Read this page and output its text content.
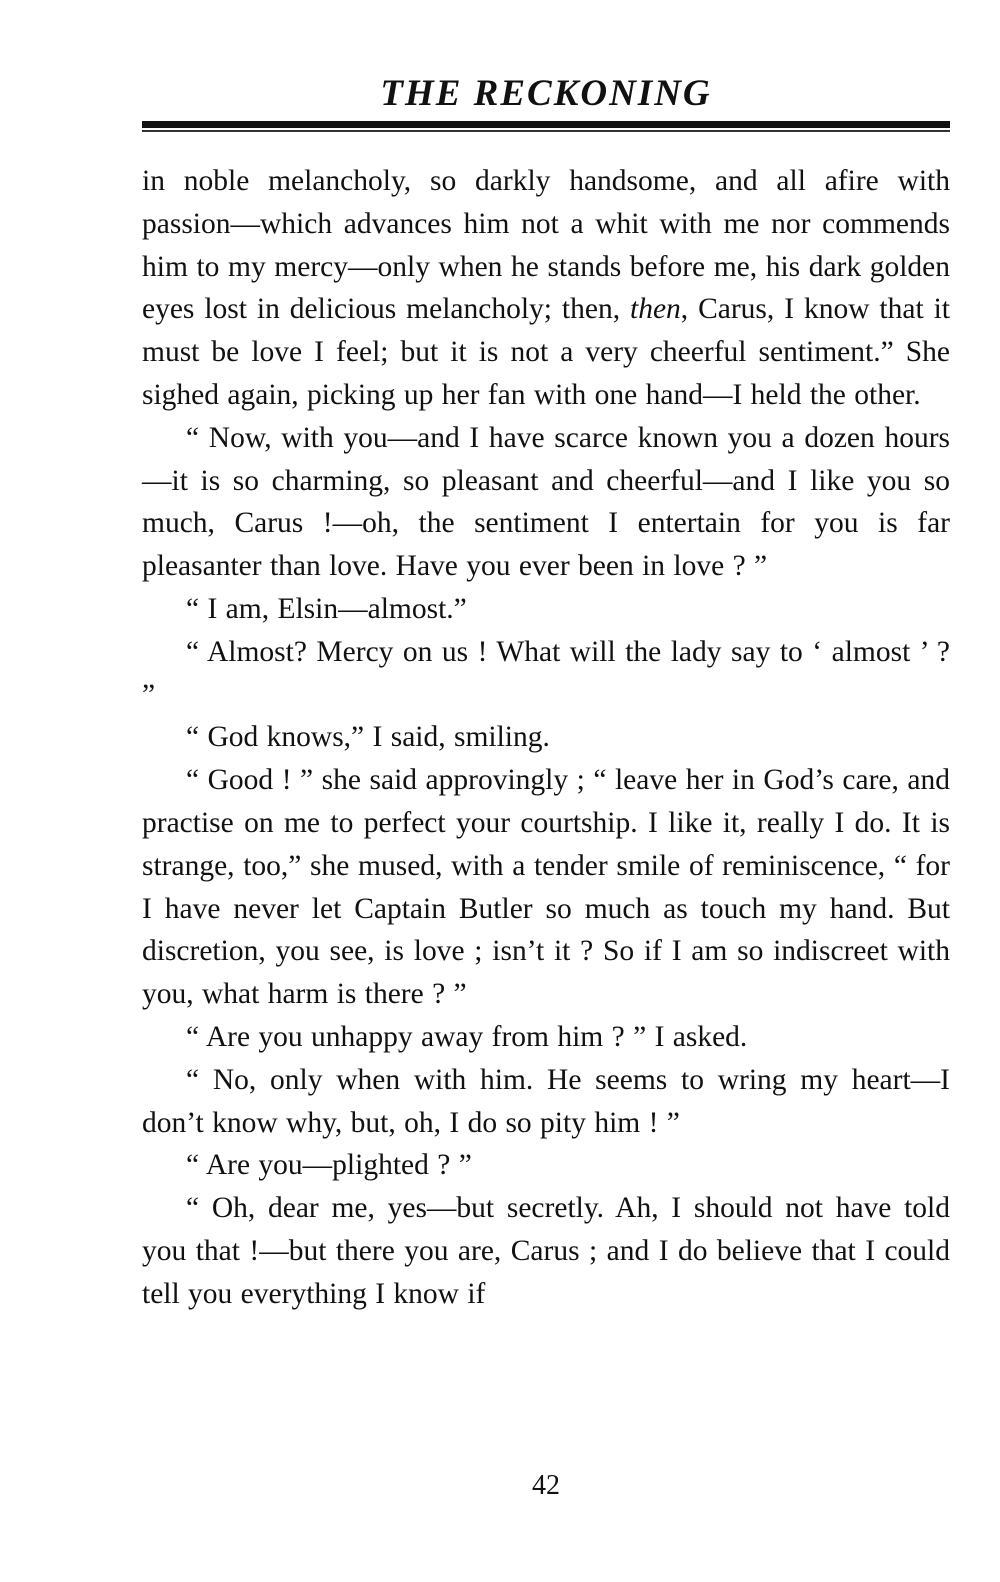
THE RECKONING

in noble melancholy, so darkly handsome, and all afire with passion—which advances him not a whit with me nor commends him to my mercy—only when he stands before me, his dark golden eyes lost in delicious melancholy; then, then, Carus, I know that it must be love I feel; but it is not a very cheerful sentiment.” She sighed again, picking up her fan with one hand—I held the other.

“ Now, with you—and I have scarce known you a dozen hours—it is so charming, so pleasant and cheerful—and I like you so much, Carus !—oh, the sentiment I entertain for you is far pleasanter than love. Have you ever been in love ? ”

“ I am, Elsin—almost.”

“ Almost? Mercy on us ! What will the lady say to ‘ almost ’ ? ”

“ God knows,” I said, smiling.

“ Good ! ” she said approvingly ; “ leave her in God’s care, and practise on me to perfect your courtship. I like it, really I do. It is strange, too,” she mused, with a tender smile of reminiscence, “ for I have never let Captain Butler so much as touch my hand. But discretion, you see, is love ; isn’t it ? So if I am so indiscreet with you, what harm is there ? ”

“ Are you unhappy away from him ? ” I asked.

“ No, only when with him. He seems to wring my heart—I don’t know why, but, oh, I do so pity him ! ”

“ Are you—plighted ? ”

“ Oh, dear me, yes—but secretly. Ah, I should not have told you that !—but there you are, Carus ; and I do believe that I could tell you everything I know if

42
